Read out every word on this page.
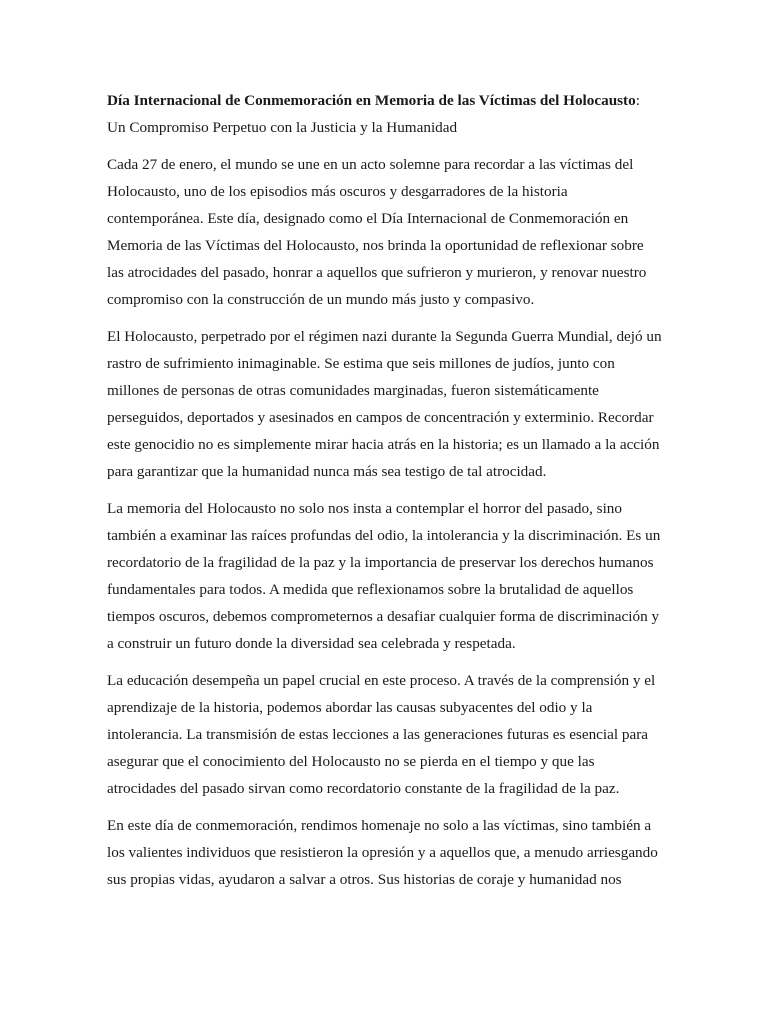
Día Internacional de Conmemoración en Memoria de las Víctimas del Holocausto: Un Compromiso Perpetuo con la Justicia y la Humanidad

Cada 27 de enero, el mundo se une en un acto solemne para recordar a las víctimas del Holocausto, uno de los episodios más oscuros y desgarradores de la historia contemporánea. Este día, designado como el Día Internacional de Conmemoración en Memoria de las Víctimas del Holocausto, nos brinda la oportunidad de reflexionar sobre las atrocidades del pasado, honrar a aquellos que sufrieron y murieron, y renovar nuestro compromiso con la construcción de un mundo más justo y compasivo.

El Holocausto, perpetrado por el régimen nazi durante la Segunda Guerra Mundial, dejó un rastro de sufrimiento inimaginable. Se estima que seis millones de judíos, junto con millones de personas de otras comunidades marginadas, fueron sistemáticamente perseguidos, deportados y asesinados en campos de concentración y exterminio. Recordar este genocidio no es simplemente mirar hacia atrás en la historia; es un llamado a la acción para garantizar que la humanidad nunca más sea testigo de tal atrocidad.

La memoria del Holocausto no solo nos insta a contemplar el horror del pasado, sino también a examinar las raíces profundas del odio, la intolerancia y la discriminación. Es un recordatorio de la fragilidad de la paz y la importancia de preservar los derechos humanos fundamentales para todos. A medida que reflexionamos sobre la brutalidad de aquellos tiempos oscuros, debemos comprometernos a desafiar cualquier forma de discriminación y a construir un futuro donde la diversidad sea celebrada y respetada.

La educación desempeña un papel crucial en este proceso. A través de la comprensión y el aprendizaje de la historia, podemos abordar las causas subyacentes del odio y la intolerancia. La transmisión de estas lecciones a las generaciones futuras es esencial para asegurar que el conocimiento del Holocausto no se pierda en el tiempo y que las atrocidades del pasado sirvan como recordatorio constante de la fragilidad de la paz.

En este día de conmemoración, rendimos homenaje no solo a las víctimas, sino también a los valientes individuos que resistieron la opresión y a aquellos que, a menudo arriesgando sus propias vidas, ayudaron a salvar a otros. Sus historias de coraje y humanidad nos
